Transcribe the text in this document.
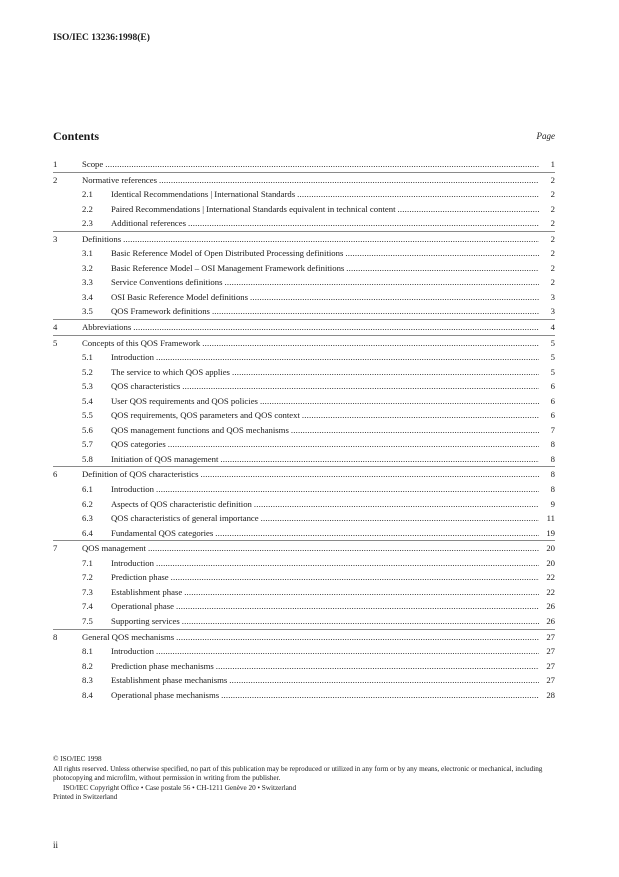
ISO/IEC 13236:1998(E)
Contents	Page
1	Scope .....	1
2	Normative references .....	2
2.1	Identical Recommendations | International Standards .....	2
2.2	Paired Recommendations | International Standards equivalent in technical content .....	2
2.3	Additional references .....	2
3	Definitions .....	2
3.1	Basic Reference Model of Open Distributed Processing definitions .....	2
3.2	Basic Reference Model – OSI Management Framework definitions .....	2
3.3	Service Conventions definitions .....	2
3.4	OSI Basic Reference Model definitions .....	3
3.5	QOS Framework definitions .....	3
4	Abbreviations .....	4
5	Concepts of this QOS Framework .....	5
5.1	Introduction .....	5
5.2	The service to which QOS applies .....	5
5.3	QOS characteristics .....	6
5.4	User QOS requirements and QOS policies .....	6
5.5	QOS requirements, QOS parameters and QOS context .....	6
5.6	QOS management functions and QOS mechanisms .....	7
5.7	QOS categories .....	8
5.8	Initiation of QOS management .....	8
6	Definition of QOS characteristics .....	8
6.1	Introduction .....	8
6.2	Aspects of QOS characteristic definition .....	9
6.3	QOS characteristics of general importance .....	11
6.4	Fundamental QOS categories .....	19
7	QOS management .....	20
7.1	Introduction .....	20
7.2	Prediction phase .....	22
7.3	Establishment phase .....	22
7.4	Operational phase .....	26
7.5	Supporting services .....	26
8	General QOS mechanisms .....	27
8.1	Introduction .....	27
8.2	Prediction phase mechanisms .....	27
8.3	Establishment phase mechanisms .....	27
8.4	Operational phase mechanisms .....	28
© ISO/IEC 1998
All rights reserved. Unless otherwise specified, no part of this publication may be reproduced or utilized in any form or by any means, electronic or mechanical, including photocopying and microfilm, without permission in writing from the publisher.
ISO/IEC Copyright Office • Case postale 56 • CH-1211 Genève 20 • Switzerland
Printed in Switzerland
ii
